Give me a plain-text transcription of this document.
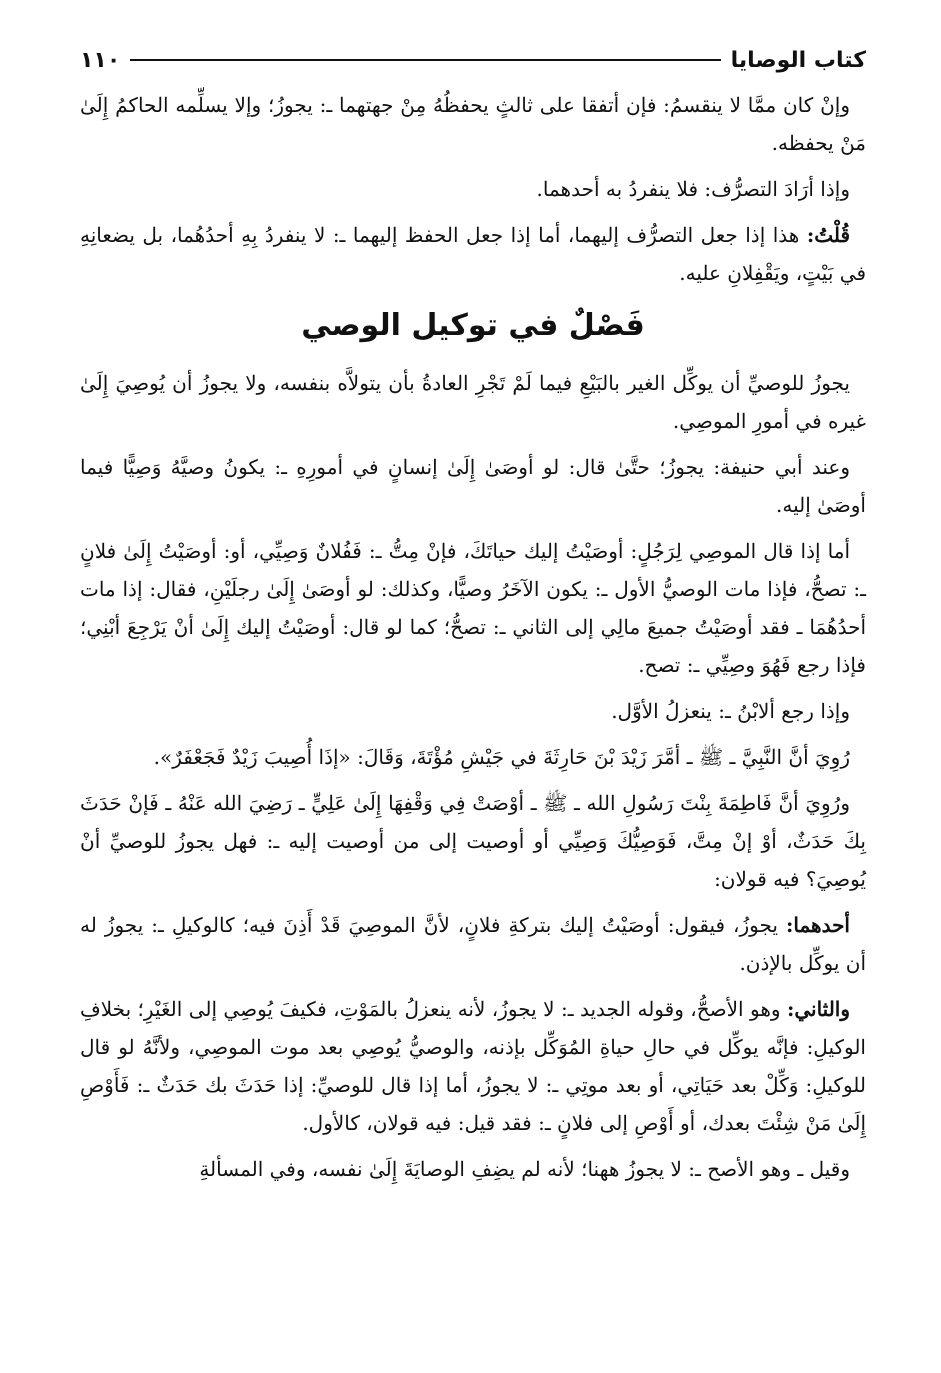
١١٠	كتاب الوصايا

وإنْ كان ممَّا لا ينقسمُ: فإن أتفقا على ثالثٍ يحفظُهُ مِنْ جهتهما ـ: يجوزُ؛ وإلا يسلِّمه الحاكمُ إِلَىٰ مَنْ يحفظه.

وإذا أرَادَ التصرُّف: فلا ينفردُ به أحدهما.

قُلْتُ: هذا إذا جعل التصرُّف إليهما، أما إذا جعل الحفظ إليهما ـ: لا ينفردُ بِهِ أحدُهُما، بل يضعانِهِ في بَيْتٍ، ويَقْفِلانِ عليه.

فَصْلٌ في توكيل الوصي

يجوزُ للوصيِّ أن يوكِّل الغير بالبَيْعِ فيما لَمْ تَجْرِ العادةُ بأن يتولاَّه بنفسه، ولا يجوزُ أن يُوصِيَ إِلَىٰ غيره في أمورِ الموصِي.

وعند أبي حنيفة: يجوزُ؛ حتَّىٰ قال: لو أوصَىٰ إِلَىٰ إنسانٍ في أمورِهِ ـ: يكونُ وصيَّهُ وَصِيًّا فيما أوصَىٰ إليه.

أما إذا قال الموصِي لِرَجُلٍ: أوصَيْتُ إليك حياتَكَ، فإنْ مِتُّ ـ: فَفُلانٌ وَصِيِّي، أو: أوصَيْتُ إِلَىٰ فلانٍ ـ: تصحُّ، فإذا مات الوصيُّ الأول ـ: يكون الآخَرُ وصيًّا، وكذلك: لو أوصَىٰ إِلَىٰ رجلَيْنِ، فقال: إذا مات أحدُهُمَا ـ فقد أوصَيْتُ جميعَ مالِي إلى الثاني ـ: تصحُّ؛ كما لو قال: أوصَيْتُ إليك إِلَىٰ أنْ يَرْجِعَ أبْنِي؛ فإذا رجع فَهُوَ وصِيِّي ـ: تصح.

وإذا رجع ألابْنُ ـ: ينعزلُ الأوَّل.

رُوِيَ أنَّ النَّبِيَّ ـ ﷺ ـ أمَّرَ زَيْدَ بْنَ حَارِثَةَ في جَيْشِ مُؤْتَةَ، وَقَالَ: «إذَا أُصِيبَ زَيْدٌ فَجَعْفَرٌ».

ورُوِيَ أنَّ فَاطِمَةَ بِنْتَ رَسُولِ الله ـ ﷺ ـ أوْصَتْ فِي وَقْفِهَا إِلَىٰ عَلِيٍّ ـ رَضِيَ الله عَنْهُ ـ فَإنْ حَدَثَ بِكَ حَدَثٌ، أوْ إنْ مِتَّ، فَوَصِيُّكَ وَصِيِّي أو أوصيت إلى من أوصيت إليه ـ: فهل يجوزُ للوصيِّ أنْ يُوصِيَ؟ فيه قولان:

أحدهما: يجوزُ، فيقول: أوصَيْتُ إليك بتركةِ فلانٍ، لأنَّ الموصِيَ قَدْ أَذِنَ فيه؛ كالوكيلِ ـ: يجوزُ له أن يوكِّل بالإذن.

والثاني: وهو الأصحُّ، وقوله الجديد ـ: لا يجوزُ، لأنه ينعزلُ بالمَوْتِ، فكيفَ يُوصِي إلى الغَيْرِ؛ بخلافِ الوكيلِ: فإنَّه يوكِّل في حالِ حياةِ المُوَكِّل بإذنه، والوصيُّ يُوصِي بعد موت الموصِي، ولأنَّهُ لو قال للوكيلِ: وَكِّلْ بعد حَيَاتِي، أو بعد موتِي ـ: لا يجوزُ، أما إذا قال للوصيِّ: إذا حَدَثَ بك حَدَثٌ ـ: فَأَوْصِ إِلَىٰ مَنْ شِئْتَ بعدك، أو أَوْصِ إلى فلانٍ ـ: فقد قيل: فيه قولان، كالأول.

وقيل ـ وهو الأصح ـ: لا يجوزُ ههنا؛ لأنه لم يضِفِ الوصايَةَ إِلَىٰ نفسه، وفي المسألةِ
